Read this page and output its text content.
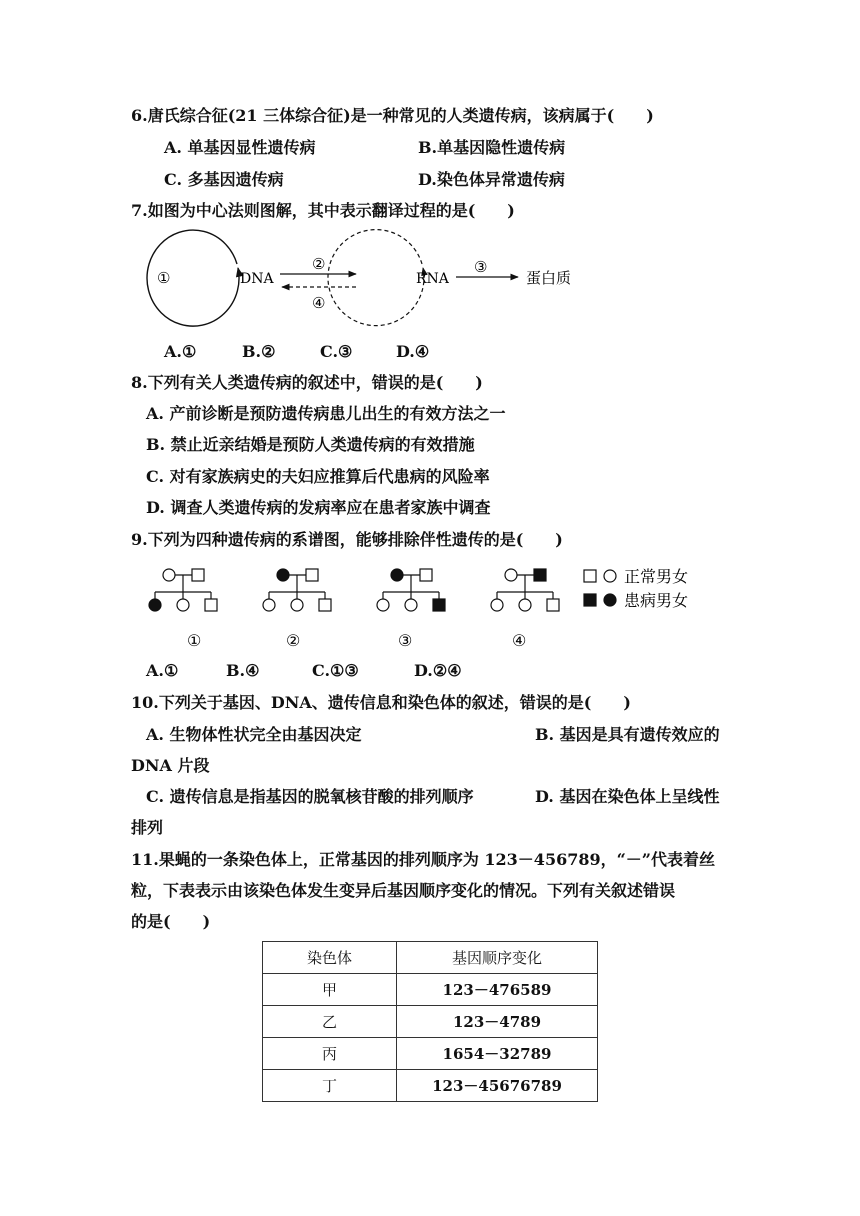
6.唐氏综合征(21 三体综合征)是一种常见的人类遗传病，该病属于(　　)
A. 单基因显性遗传病	B.单基因隐性遗传病
C. 多基因遗传病	D.染色体异常遗传病
7.如图为中心法则图解，其中表示翻译过程的是(　　)
①	DNA
②
④
RNA
③
蛋白质
A.①	B.②	C.③	D.④
8.下列有关人类遗传病的叙述中，错误的是(　　)
A. 产前诊断是预防遗传病患儿出生的有效方法之一
B. 禁止近亲结婚是预防人类遗传病的有效措施
C. 对有家族病史的夫妇应推算后代患病的风险率
D. 调查人类遗传病的发病率应在患者家族中调查
9.下列为四种遗传病的系谱图，能够排除伴性遗传的是(　　)
①	②	③	④
正常男女
患病男女
A.①	B.④	C.①③	D.②④
10.下列关于基因、DNA、遗传信息和染色体的叙述，错误的是(　　)
A. 生物体性状完全由基因决定	B. 基因是具有遗传效应的
DNA 片段
C. 遗传信息是指基因的脱氧核苷酸的排列顺序	D. 基因在染色体上呈线性
排列
11.果蝇的一条染色体上，正常基因的排列顺序为 123－456789，“－”代表着丝
粒，下表表示由该染色体发生变异后基因顺序变化的情况。下列有关叙述错误
的是(　　)
染色体	基因顺序变化
甲	123－476589
乙	123－4789
丙	1654－32789
丁	123－45676789
